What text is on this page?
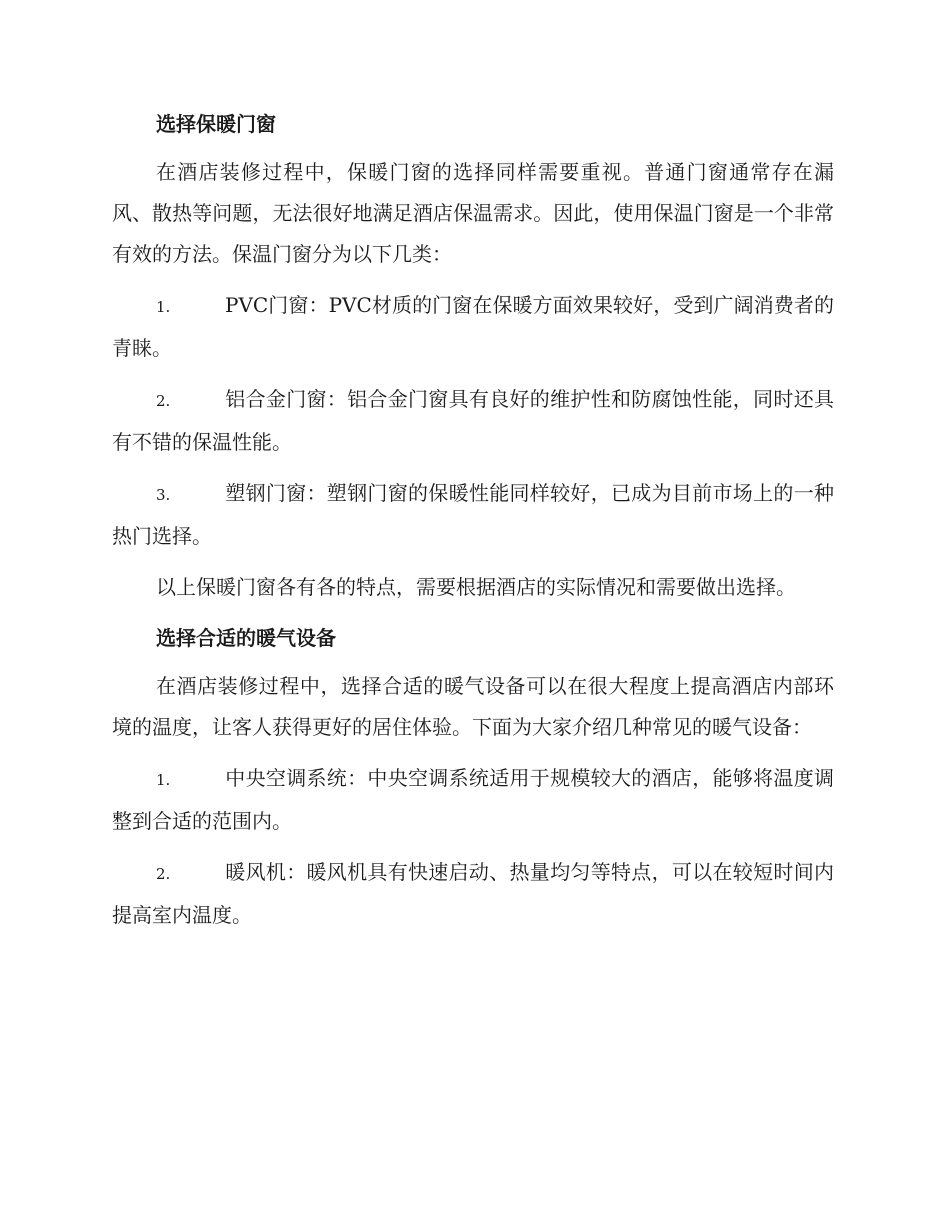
选择保暖门窗

在酒店装修过程中，保暖门窗的选择同样需要重视。普通门窗通常存在漏风、散热等问题，无法很好地满足酒店保温需求。因此，使用保温门窗是一个非常有效的方法。保温门窗分为以下几类：

1.	PVC门窗：PVC材质的门窗在保暖方面效果较好，受到广阔消费者的青睐。

2.	铝合金门窗：铝合金门窗具有良好的维护性和防腐蚀性能，同时还具有不错的保温性能。

3.	塑钢门窗：塑钢门窗的保暖性能同样较好，已成为目前市场上的一种热门选择。

以上保暖门窗各有各的特点，需要根据酒店的实际情况和需要做出选择。

选择合适的暖气设备

在酒店装修过程中，选择合适的暖气设备可以在很大程度上提高酒店内部环境的温度，让客人获得更好的居住体验。下面为大家介绍几种常见的暖气设备：

1.	中央空调系统：中央空调系统适用于规模较大的酒店，能够将温度调整到合适的范围内。

2.	暖风机：暖风机具有快速启动、热量均匀等特点，可以在较短时间内提高室内温度。
